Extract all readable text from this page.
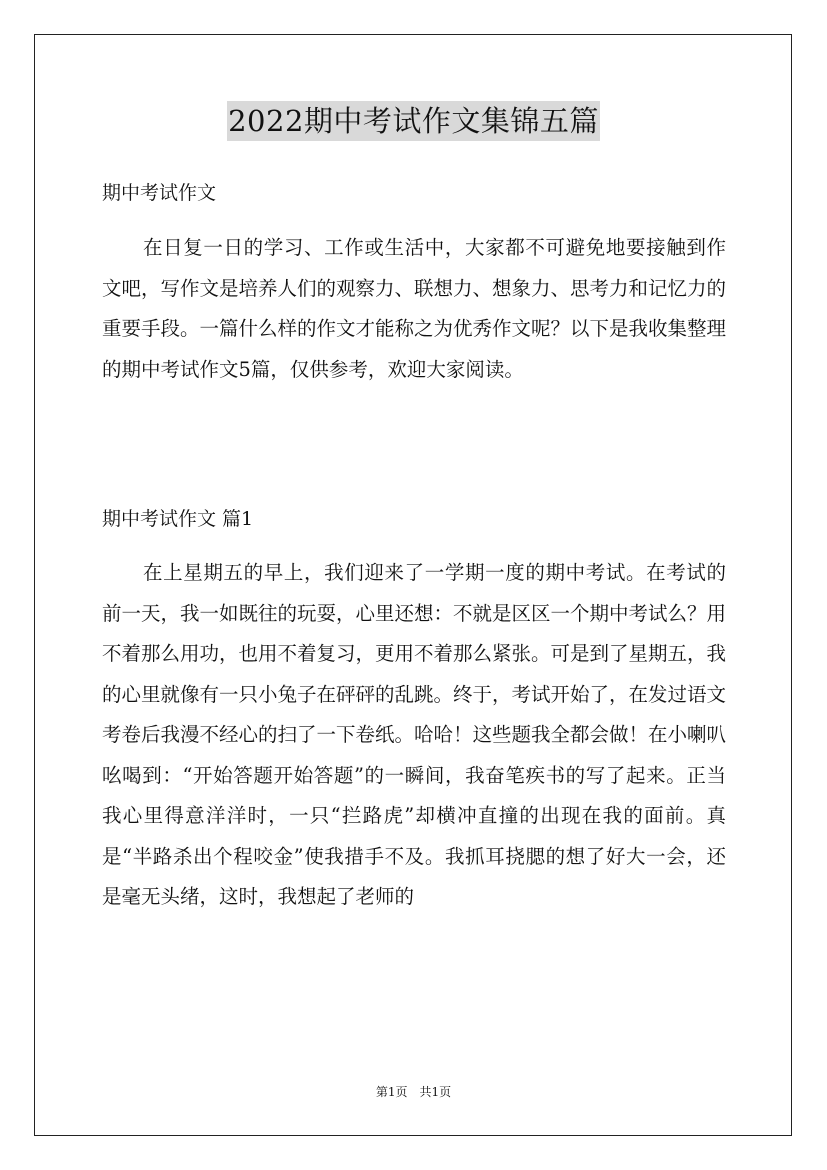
2022期中考试作文集锦五篇
期中考试作文

在日复一日的学习、工作或生活中，大家都不可避免地要接触到作文吧，写作文是培养人们的观察力、联想力、想象力、思考力和记忆力的重要手段。一篇什么样的作文才能称之为优秀作文呢？以下是我收集整理的期中考试作文5篇，仅供参考，欢迎大家阅读。

期中考试作文 篇1

在上星期五的早上，我们迎来了一学期一度的期中考试。在考试的前一天，我一如既往的玩耍，心里还想：不就是区区一个期中考试么？用不着那么用功，也用不着复习，更用不着那么紧张。可是到了星期五，我的心里就像有一只小兔子在砰砰的乱跳。终于，考试开始了，在发过语文考卷后我漫不经心的扫了一下卷纸。哈哈！这些题我全都会做！在小喇叭吆喝到：“开始答题开始答题”的一瞬间，我奋笔疾书的写了起来。正当我心里得意洋洋时，一只“拦路虎”却横冲直撞的出现在我的面前。真是“半路杀出个程咬金”使我措手不及。我抓耳挠腮的想了好大一会，还是毫无头绪，这时，我想起了老师的

第1页　共1页
